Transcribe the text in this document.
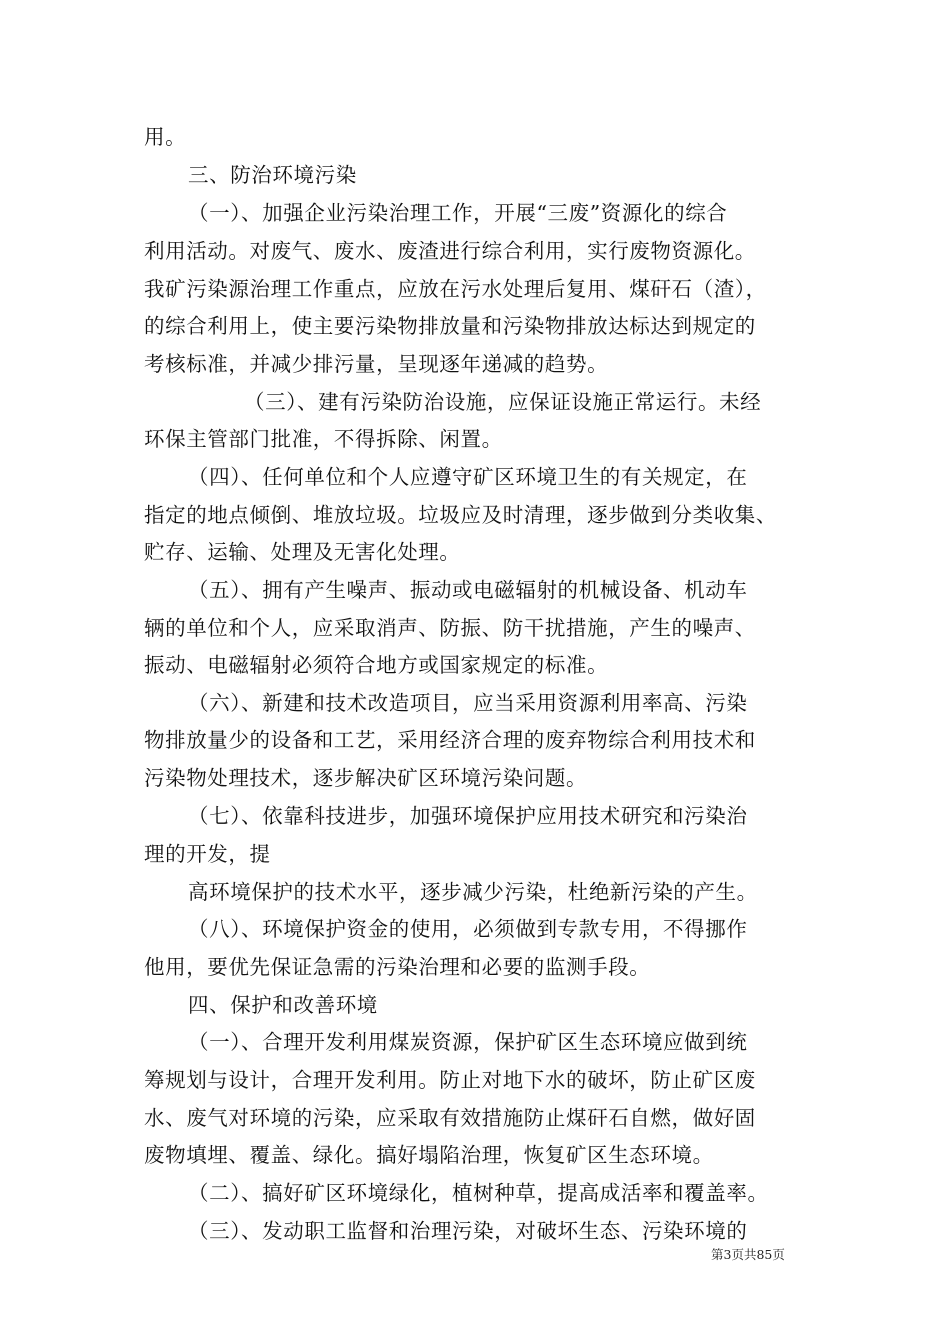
用。
三、防治环境污染
（一）、加强企业污染治理工作，开展“三废”资源化的综合
利用活动。对废气、废水、废渣进行综合利用，实行废物资源化。
我矿污染源治理工作重点，应放在污水处理后复用、煤矸石（渣），
的综合利用上，使主要污染物排放量和污染物排放达标达到规定的
考核标准，并减少排污量，呈现逐年递减的趋势。
（三）、建有污染防治设施，应保证设施正常运行。未经
环保主管部门批准，不得拆除、闲置。
（四）、任何单位和个人应遵守矿区环境卫生的有关规定，在
指定的地点倾倒、堆放垃圾。垃圾应及时清理，逐步做到分类收集、
贮存、运输、处理及无害化处理。
（五）、拥有产生噪声、振动或电磁辐射的机械设备、机动车
辆的单位和个人，应采取消声、防振、防干扰措施，产生的噪声、
振动、电磁辐射必须符合地方或国家规定的标准。
（六）、新建和技术改造项目，应当采用资源利用率高、污染
物排放量少的设备和工艺，采用经济合理的废弃物综合利用技术和
污染物处理技术，逐步解决矿区环境污染问题。
（七）、依靠科技进步，加强环境保护应用技术研究和污染治
理的开发，提
高环境保护的技术水平，逐步减少污染，杜绝新污染的产生。
（八）、环境保护资金的使用，必须做到专款专用，不得挪作
他用，要优先保证急需的污染治理和必要的监测手段。
四、保护和改善环境
（一）、合理开发利用煤炭资源，保护矿区生态环境应做到统
筹规划与设计，合理开发利用。防止对地下水的破坏，防止矿区废
水、废气对环境的污染，应采取有效措施防止煤矸石自燃，做好固
废物填埋、覆盖、绿化。搞好塌陷治理，恢复矿区生态环境。
（二）、搞好矿区环境绿化，植树种草，提高成活率和覆盖率。
（三）、发动职工监督和治理污染，对破坏生态、污染环境的
第3页共85页
